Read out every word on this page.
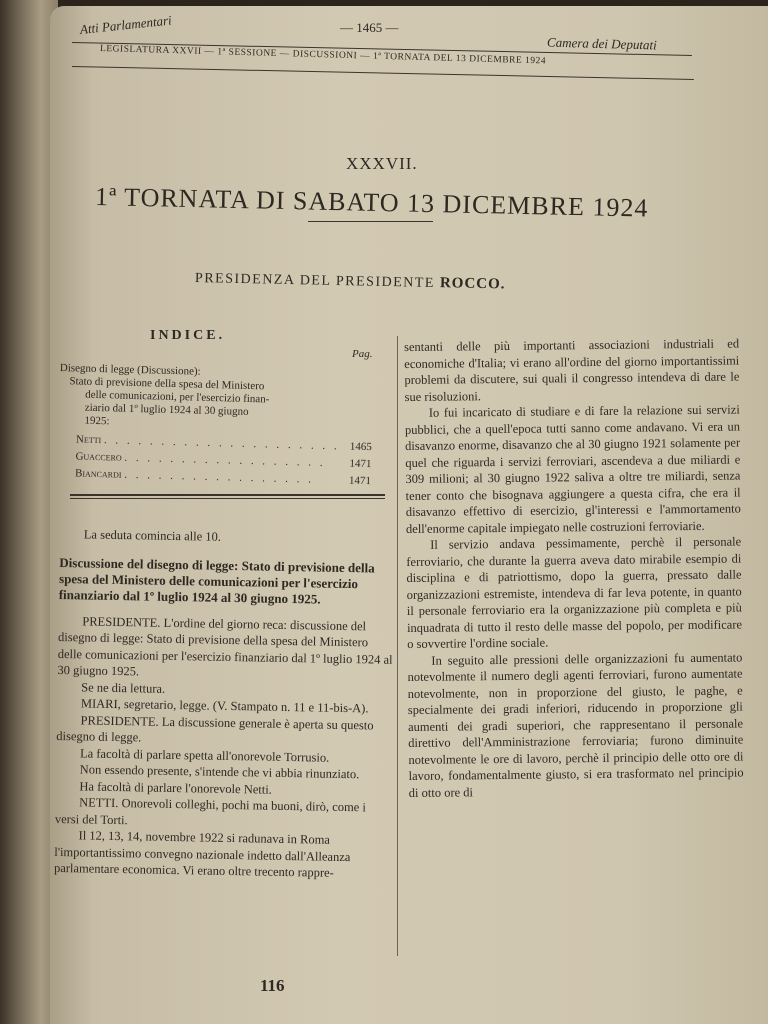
Atti Parlamentari	— 1465 —
Camera dei Deputati
LEGISLATURA XXVII — 1ª SESSIONE — DISCUSSIONI — 1ª TORNATA DEL 13 DICEMBRE 1924
XXXVII.
1ª TORNATA DI SABATO 13 DICEMBRE 1924
PRESIDENZA DEL PRESIDENTE ROCCO.
INDICE.
Pag.
Disegno di legge (Discussione):
Stato di previsione della spesa del Ministero
delle comunicazioni, per l'esercizio finan-
ziario dal 1º luglio 1924 al 30 giugno
1925:
Netti . . . . . . . . . . . . . . . . . . . . . 1465
Guaccero . . . . . . . . . . . . . . . . . . 1471
Biancardi . . . . . . . . . . . . . . . . .	1471

La seduta comincia alle 10.

Discussione del disegno di legge: Stato di previsione della spesa del Ministero delle comunicazioni per l'esercizio finanziario dal 1º luglio 1924 al 30 giugno 1925.

PRESIDENTE. L'ordine del giorno reca: discussione del disegno di legge: Stato di previsione della spesa del Ministero delle comunicazioni per l'esercizio finanziario dal 1º luglio 1924 al 30 giugno 1925.

Se ne dia lettura.

MIARI, segretario, legge. (V. Stampato n. 11 e 11-bis-A).

PRESIDENTE. La discussione generale è aperta su questo disegno di legge.

La facoltà di parlare spetta all'onorevole Torrusio.

Non essendo presente, s'intende che vi abbia rinunziato.

Ha facoltà di parlare l'onorevole Netti.

NETTI. Onorevoli colleghi, pochi ma buoni, dirò, come i versi del Torti.

Il 12, 13, 14, novembre 1922 si radunava in Roma l'importantissimo convegno nazionale indetto dall'Alleanza parlamentare economica. Vi erano oltre trecento rappre-

sentanti delle più importanti associazioni industriali ed economiche d'Italia; vi erano all'ordine del giorno importantissimi problemi da discutere, sui quali il congresso intendeva di dare le sue risoluzioni.

Io fui incaricato di studiare e di fare la relazione sui servizi pubblici, che a quell'epoca tutti sanno come andavano. Vi era un disavanzo enorme, disavanzo che al 30 giugno 1921 solamente per quel che riguarda i servizi ferroviari, ascendeva a due miliardi e 309 milioni; al 30 giugno 1922 saliva a oltre tre miliardi, senza tener conto che bisognava aggiungere a questa cifra, che era il disavanzo effettivo di esercizio, gl'interessi e l'ammortamento dell'enorme capitale impiegato nelle costruzioni ferroviarie.

Il servizio andava pessimamente, perchè il personale ferroviario, che durante la guerra aveva dato mirabile esempio di disciplina e di patriottismo, dopo la guerra, pressato dalle organizzazioni estremiste, intendeva di far leva potente, in quanto il personale ferroviario era la organizzazione più completa e più inquadrata di tutto il resto delle masse del popolo, per modificare o sovvertire l'ordine sociale.

In seguito alle pressioni delle organizzazioni fu aumentato notevolmente il numero degli agenti ferroviari, furono aumentate notevolmente, non in proporzione del giusto, le paghe, e specialmente dei gradi inferiori, riducendo in proporzione gli aumenti dei gradi superiori, che rappresentano il personale direttivo dell'Amministrazione ferroviaria; furono diminuite notevolmente le ore di lavoro, perchè il principio delle otto ore di lavoro, fondamentalmente giusto, si era trasformato nel principio di otto ore di

116
